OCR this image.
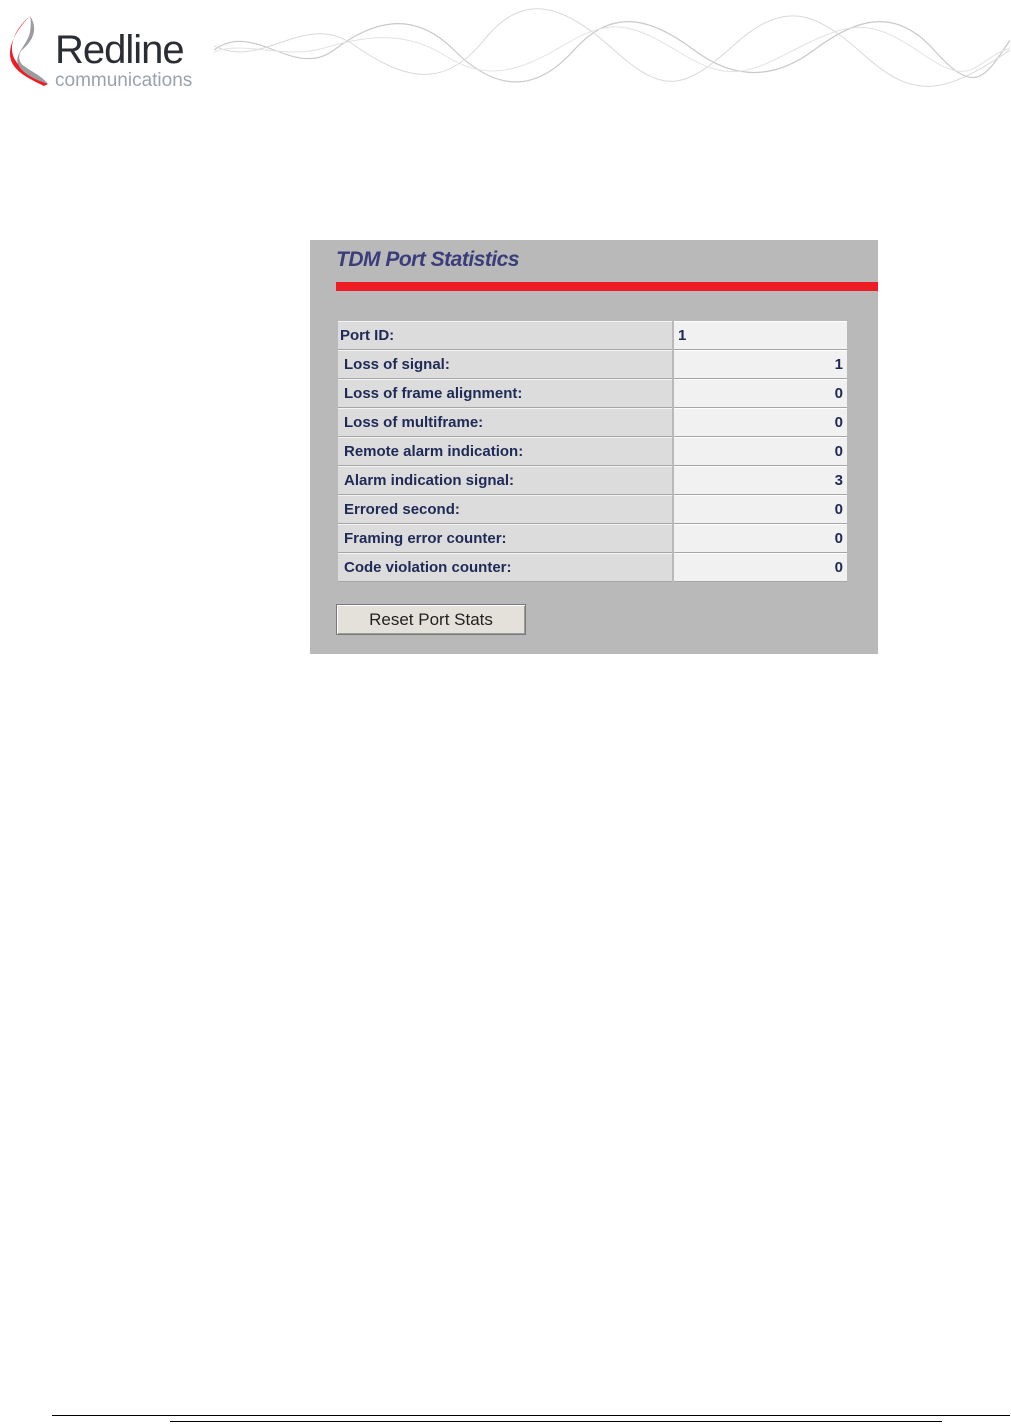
Redline
communications
TDM Port Statistics
Port ID:	1
Loss of signal:	1
Loss of frame alignment:	0
Loss of multiframe:	0
Remote alarm indication:	0
Alarm indication signal:	3
Errored second:	0
Framing error counter:	0
Code violation counter:	0
Reset Port Stats
